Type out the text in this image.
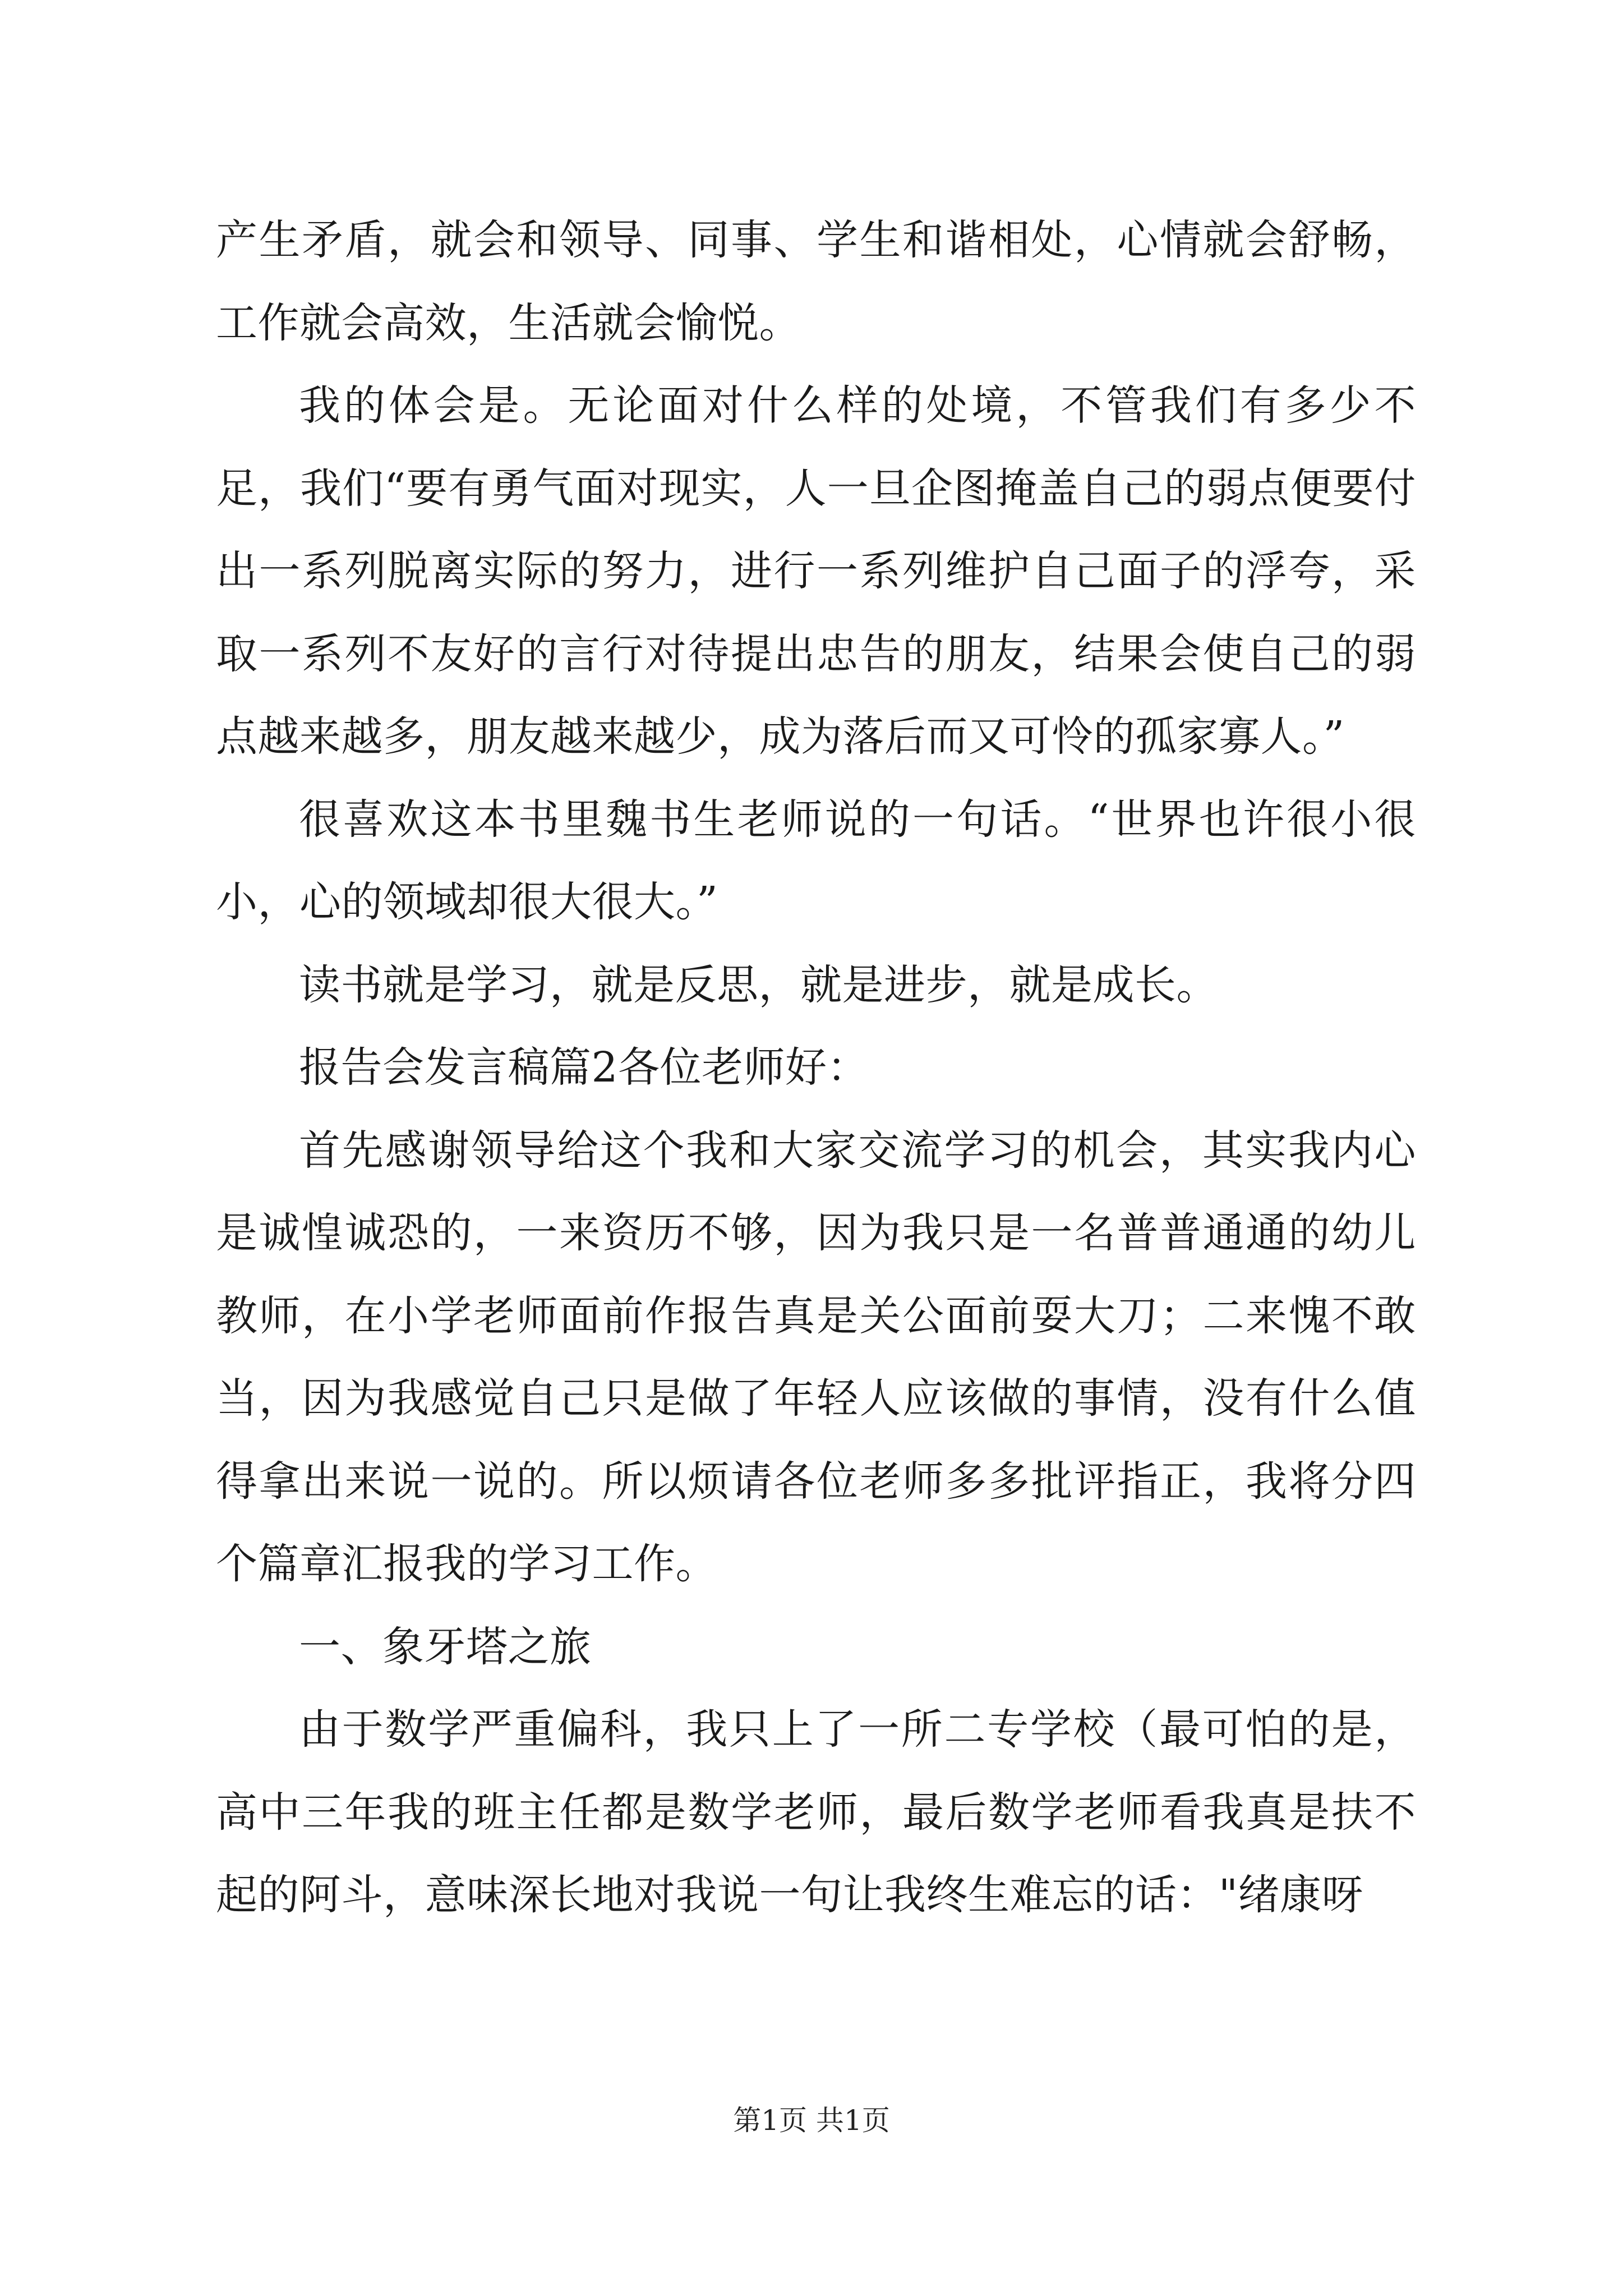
产生矛盾，就会和领导、同事、学生和谐相处，心情就会舒畅，工作就会高效，生活就会愉悦。

我的体会是。无论面对什么样的处境，不管我们有多少不足，我们“要有勇气面对现实，人一旦企图掩盖自己的弱点便要付出一系列脱离实际的努力，进行一系列维护自己面子的浮夸，采取一系列不友好的言行对待提出忠告的朋友，结果会使自己的弱点越来越多，朋友越来越少，成为落后而又可怜的孤家寡人。”

很喜欢这本书里魏书生老师说的一句话。“世界也许很小很小，心的领域却很大很大。”

读书就是学习，就是反思，就是进步，就是成长。

报告会发言稿篇2各位老师好：

首先感谢领导给这个我和大家交流学习的机会，其实我内心是诚惶诚恐的，一来资历不够，因为我只是一名普普通通的幼儿教师，在小学老师面前作报告真是关公面前耍大刀；二来愧不敢当，因为我感觉自己只是做了年轻人应该做的事情，没有什么值得拿出来说一说的。所以烦请各位老师多多批评指正，我将分四个篇章汇报我的学习工作。

一、象牙塔之旅

由于数学严重偏科，我只上了一所二专学校（最可怕的是，高中三年我的班主任都是数学老师，最后数学老师看我真是扶不起的阿斗，意味深长地对我说一句让我终生难忘的话："绪康呀

第1页 共1页
